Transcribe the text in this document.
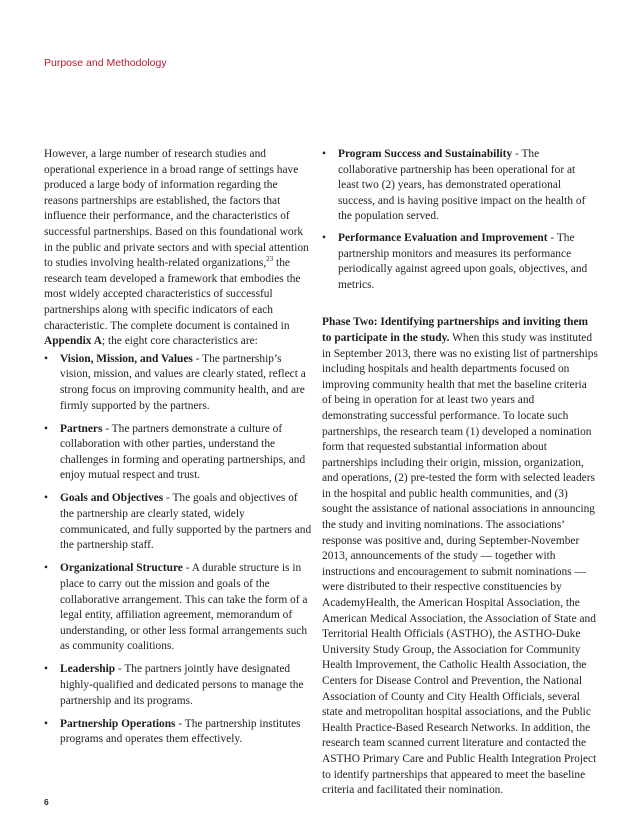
Purpose and Methodology

However, a large number of research studies and operational experience in a broad range of settings have produced a large body of information regarding the reasons partnerships are established, the factors that influence their performance, and the characteristics of successful partnerships. Based on this foundational work in the public and private sectors and with special attention to studies involving health-related organizations,$^{23}$ the research team developed a framework that embodies the most widely accepted characteristics of successful partnerships along with specific indicators of each characteristic. The complete document is contained in Appendix A; the eight core characteristics are:

• Vision, Mission, and Values - The partnership’s vision, mission, and values are clearly stated, reflect a strong focus on improving community health, and are firmly supported by the partners.
• Partners - The partners demonstrate a culture of collaboration with other parties, understand the challenges in forming and operating partnerships, and enjoy mutual respect and trust.
• Goals and Objectives - The goals and objectives of the partnership are clearly stated, widely communicated, and fully supported by the partners and the partnership staff.
• Organizational Structure - A durable structure is in place to carry out the mission and goals of the collaborative arrangement. This can take the form of a legal entity, affiliation agreement, memorandum of understanding, or other less formal arrangements such as community coalitions.
• Leadership - The partners jointly have designated highly-qualified and dedicated persons to manage the partnership and its programs.
• Partnership Operations - The partnership institutes programs and operates them effectively.
• Program Success and Sustainability - The collaborative partnership has been operational for at least two (2) years, has demonstrated operational success, and is having positive impact on the health of the population served.
• Performance Evaluation and Improvement - The partnership monitors and measures its performance periodically against agreed upon goals, objectives, and metrics.

Phase Two: Identifying partnerships and inviting them to participate in the study. When this study was instituted in September 2013, there was no existing list of partnerships including hospitals and health departments focused on improving community health that met the baseline criteria of being in operation for at least two years and demonstrating successful performance. To locate such partnerships, the research team (1) developed a nomination form that requested substantial information about partnerships including their origin, mission, organization, and operations, (2) pre-tested the form with selected leaders in the hospital and public health communities, and (3) sought the assistance of national associations in announcing the study and inviting nominations. The associations’ response was positive and, during September-November 2013, announcements of the study — together with instructions and encouragement to submit nominations — were distributed to their respective constituencies by AcademyHealth, the American Hospital Association, the American Medical Association, the Association of State and Territorial Health Officials (ASTHO), the ASTHO-Duke University Study Group, the Association for Community Health Improvement, the Catholic Health Association, the Centers for Disease Control and Prevention, the National Association of County and City Health Officials, several state and metropolitan hospital associations, and the Public Health Practice-Based Research Networks. In addition, the research team scanned current literature and contacted the ASTHO Primary Care and Public Health Integration Project to identify partnerships that appeared to meet the baseline criteria and facilitated their nomination.

6
